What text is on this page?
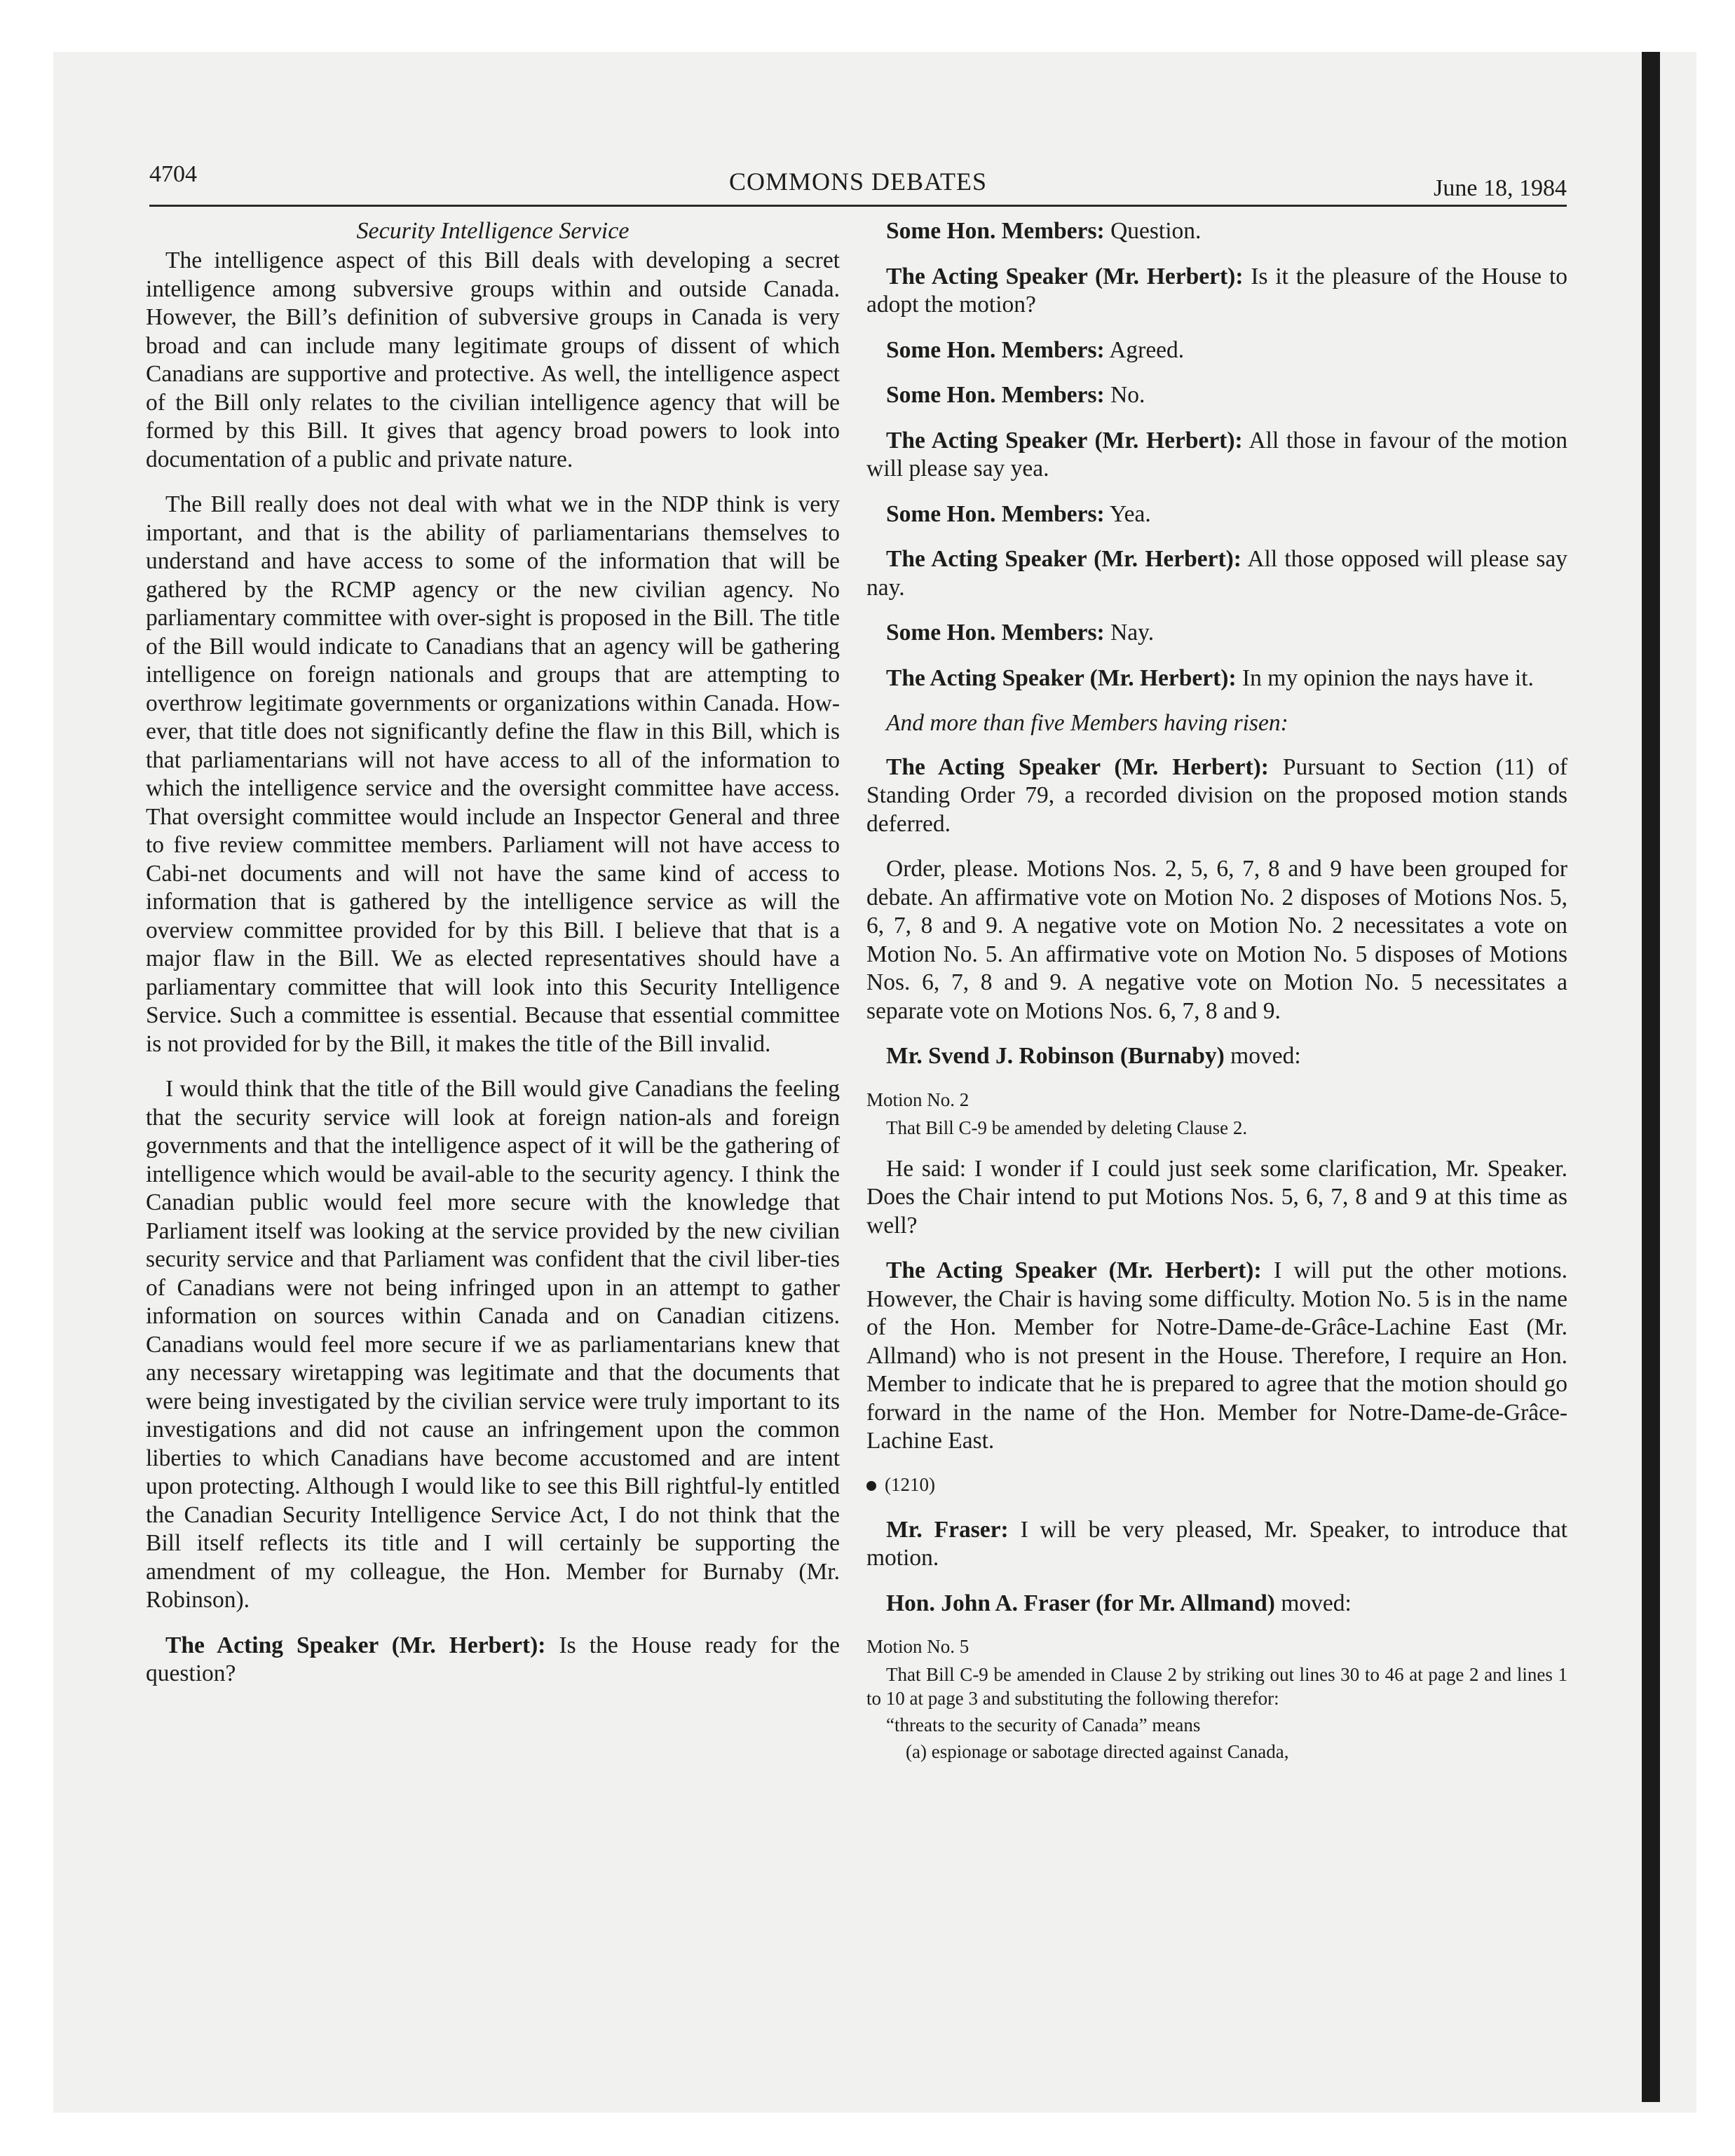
4704	COMMONS DEBATES	June 18, 1984
Security Intelligence Service

The intelligence aspect of this Bill deals with developing a secret intelligence among subversive groups within and outside Canada. However, the Bill’s definition of subversive groups in Canada is very broad and can include many legitimate groups of dissent of which Canadians are supportive and protective. As well, the intelligence aspect of the Bill only relates to the civilian intelligence agency that will be formed by this Bill. It gives that agency broad powers to look into documentation of a public and private nature.

The Bill really does not deal with what we in the NDP think is very important, and that is the ability of parliamentarians themselves to understand and have access to some of the information that will be gathered by the RCMP agency or the new civilian agency. No parliamentary committee with over-sight is proposed in the Bill. The title of the Bill would indicate to Canadians that an agency will be gathering intelligence on foreign nationals and groups that are attempting to overthrow legitimate governments or organizations within Canada. How-ever, that title does not significantly define the flaw in this Bill, which is that parliamentarians will not have access to all of the information to which the intelligence service and the oversight committee have access. That oversight committee would include an Inspector General and three to five review committee members. Parliament will not have access to Cabi-net documents and will not have the same kind of access to information that is gathered by the intelligence service as will the overview committee provided for by this Bill. I believe that that is a major flaw in the Bill. We as elected representatives should have a parliamentary committee that will look into this Security Intelligence Service. Such a committee is essential. Because that essential committee is not provided for by the Bill, it makes the title of the Bill invalid.

I would think that the title of the Bill would give Canadians the feeling that the security service will look at foreign nation-als and foreign governments and that the intelligence aspect of it will be the gathering of intelligence which would be avail-able to the security agency. I think the Canadian public would feel more secure with the knowledge that Parliament itself was looking at the service provided by the new civilian security service and that Parliament was confident that the civil liber-ties of Canadians were not being infringed upon in an attempt to gather information on sources within Canada and on Canadian citizens. Canadians would feel more secure if we as parliamentarians knew that any necessary wiretapping was legitimate and that the documents that were being investigated by the civilian service were truly important to its investigations and did not cause an infringement upon the common liberties to which Canadians have become accustomed and are intent upon protecting. Although I would like to see this Bill rightful-ly entitled the Canadian Security Intelligence Service Act, I do not think that the Bill itself reflects its title and I will certainly be supporting the amendment of my colleague, the Hon. Member for Burnaby (Mr. Robinson).

The Acting Speaker (Mr. Herbert): Is the House ready for the question?

Some Hon. Members: Question.

The Acting Speaker (Mr. Herbert): Is it the pleasure of the House to adopt the motion?

Some Hon. Members: Agreed.

Some Hon. Members: No.

The Acting Speaker (Mr. Herbert): All those in favour of the motion will please say yea.

Some Hon. Members: Yea.

The Acting Speaker (Mr. Herbert): All those opposed will please say nay.

Some Hon. Members: Nay.

The Acting Speaker (Mr. Herbert): In my opinion the nays have it.

And more than five Members having risen:

The Acting Speaker (Mr. Herbert): Pursuant to Section (11) of Standing Order 79, a recorded division on the proposed motion stands deferred.

Order, please. Motions Nos. 2, 5, 6, 7, 8 and 9 have been grouped for debate. An affirmative vote on Motion No. 2 disposes of Motions Nos. 5, 6, 7, 8 and 9. A negative vote on Motion No. 2 necessitates a vote on Motion No. 5. An affirmative vote on Motion No. 5 disposes of Motions Nos. 6, 7, 8 and 9. A negative vote on Motion No. 5 necessitates a separate vote on Motions Nos. 6, 7, 8 and 9.

Mr. Svend J. Robinson (Burnaby) moved:

Motion No. 2
That Bill C-9 be amended by deleting Clause 2.

He said: I wonder if I could just seek some clarification, Mr. Speaker. Does the Chair intend to put Motions Nos. 5, 6, 7, 8 and 9 at this time as well?

The Acting Speaker (Mr. Herbert): I will put the other motions. However, the Chair is having some difficulty. Motion No. 5 is in the name of the Hon. Member for Notre-Dame-de-Grâce-Lachine East (Mr. Allmand) who is not present in the House. Therefore, I require an Hon. Member to indicate that he is prepared to agree that the motion should go forward in the name of the Hon. Member for Notre-Dame-de-Grâce-Lachine East.

(1210)

Mr. Fraser: I will be very pleased, Mr. Speaker, to introduce that motion.

Hon. John A. Fraser (for Mr. Allmand) moved:

Motion No. 5
That Bill C-9 be amended in Clause 2 by striking out lines 30 to 46 at page 2 and lines 1 to 10 at page 3 and substituting the following therefor:
“threats to the security of Canada” means
(a) espionage or sabotage directed against Canada,
